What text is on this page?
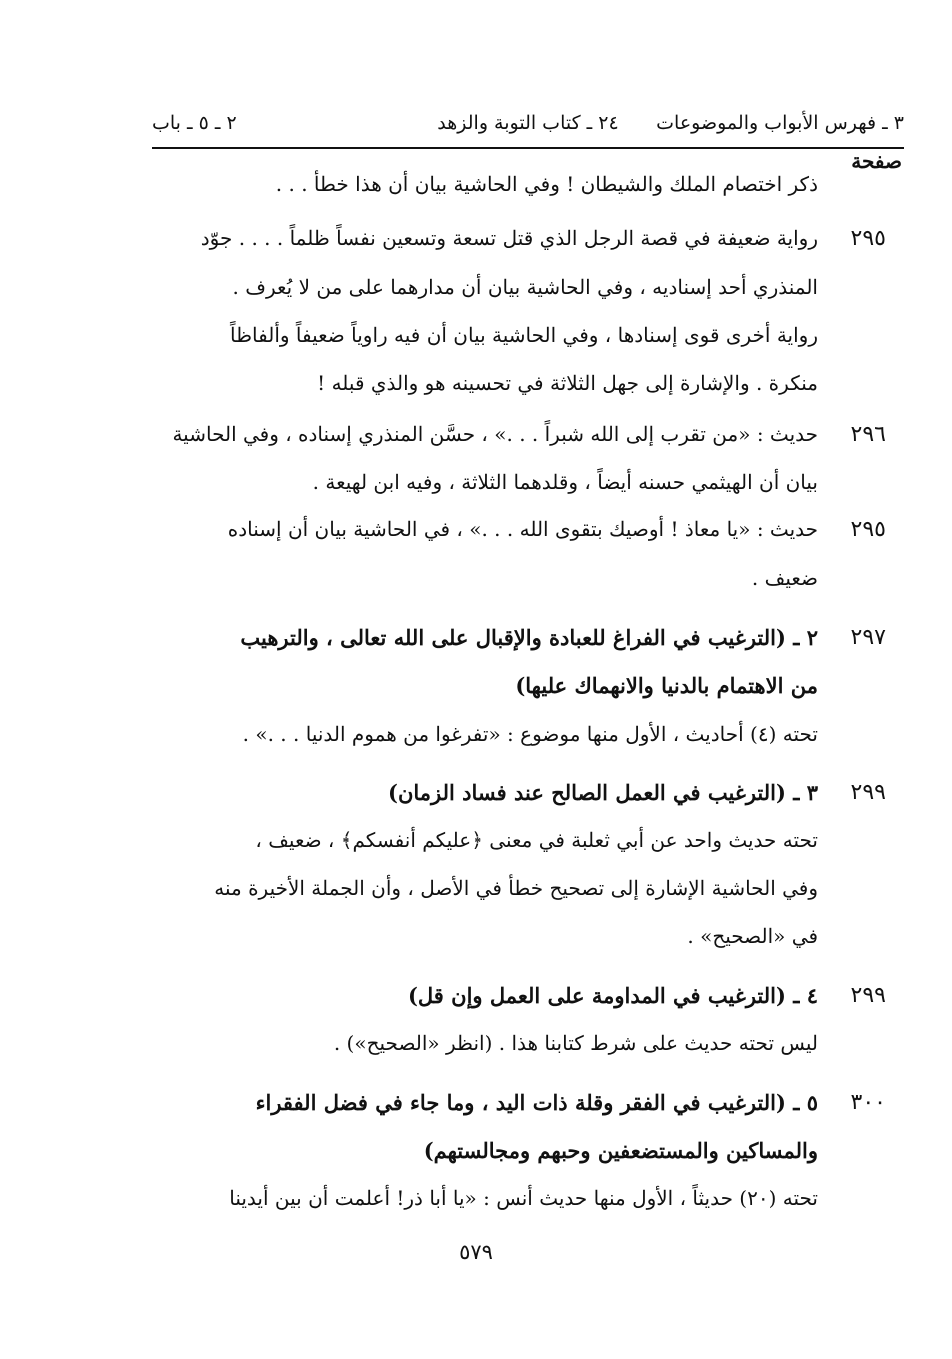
٣ ـ فهرس الأبواب والموضوعات
٢٤ ـ كتاب التوبة والزهد
٢ ـ ٥ ـ باب
صفحة
ذكر اختصام الملك والشيطان ! وفي الحاشية بيان أن هذا خطأ . . .
٢٩٥
رواية ضعيفة في قصة الرجل الذي قتل تسعة وتسعين نفساً ظلماً . . . . جوّد
المنذري أحد إسناديه ، وفي الحاشية بيان أن مدارهما على من لا يُعرف .
رواية أخرى قوى إسنادها ، وفي الحاشية بيان أن فيه راوياً ضعيفاً وألفاظاً
منكرة . والإشارة إلى جهل الثلاثة في تحسينه هو والذي قبله !
٢٩٦
حديث : «من تقرب إلى الله شبراً . . .» ، حسَّن المنذري إسناده ، وفي الحاشية
بيان أن الهيثمي حسنه أيضاً ، وقلدهما الثلاثة ، وفيه ابن لهيعة .
٢٩٥
حديث : «يا معاذ ! أوصيك بتقوى الله . . .» ، في الحاشية بيان أن إسناده
ضعيف .
٢٩٧
٢ ـ (الترغيب في الفراغ للعبادة والإقبال على الله تعالى ، والترهيب
من الاهتمام بالدنيا والانهماك عليها)
تحته (٤) أحاديث ، الأول منها موضوع : «تفرغوا من هموم الدنيا . . .» .
٢٩٩
٣ ـ (الترغيب في العمل الصالح عند فساد الزمان)
تحته حديث واحد عن أبي ثعلبة في معنى ﴿عليكم أنفسكم﴾ ، ضعيف ،
وفي الحاشية الإشارة إلى تصحيح خطأ في الأصل ، وأن الجملة الأخيرة منه
في «الصحيح» .
٢٩٩
٤ ـ (الترغيب في المداومة على العمل وإن قل)
ليس تحته حديث على شرط كتابنا هذا . (انظر «الصحيح») .
٣٠٠
٥ ـ (الترغيب في الفقر وقلة ذات اليد ، وما جاء في فضل الفقراء
والمساكين والمستضعفين وحبهم ومجالستهم)
تحته (٢٠) حديثاً ، الأول منها حديث أنس : «يا أبا ذر! أعلمت أن بين أيدينا
٥٧٩
